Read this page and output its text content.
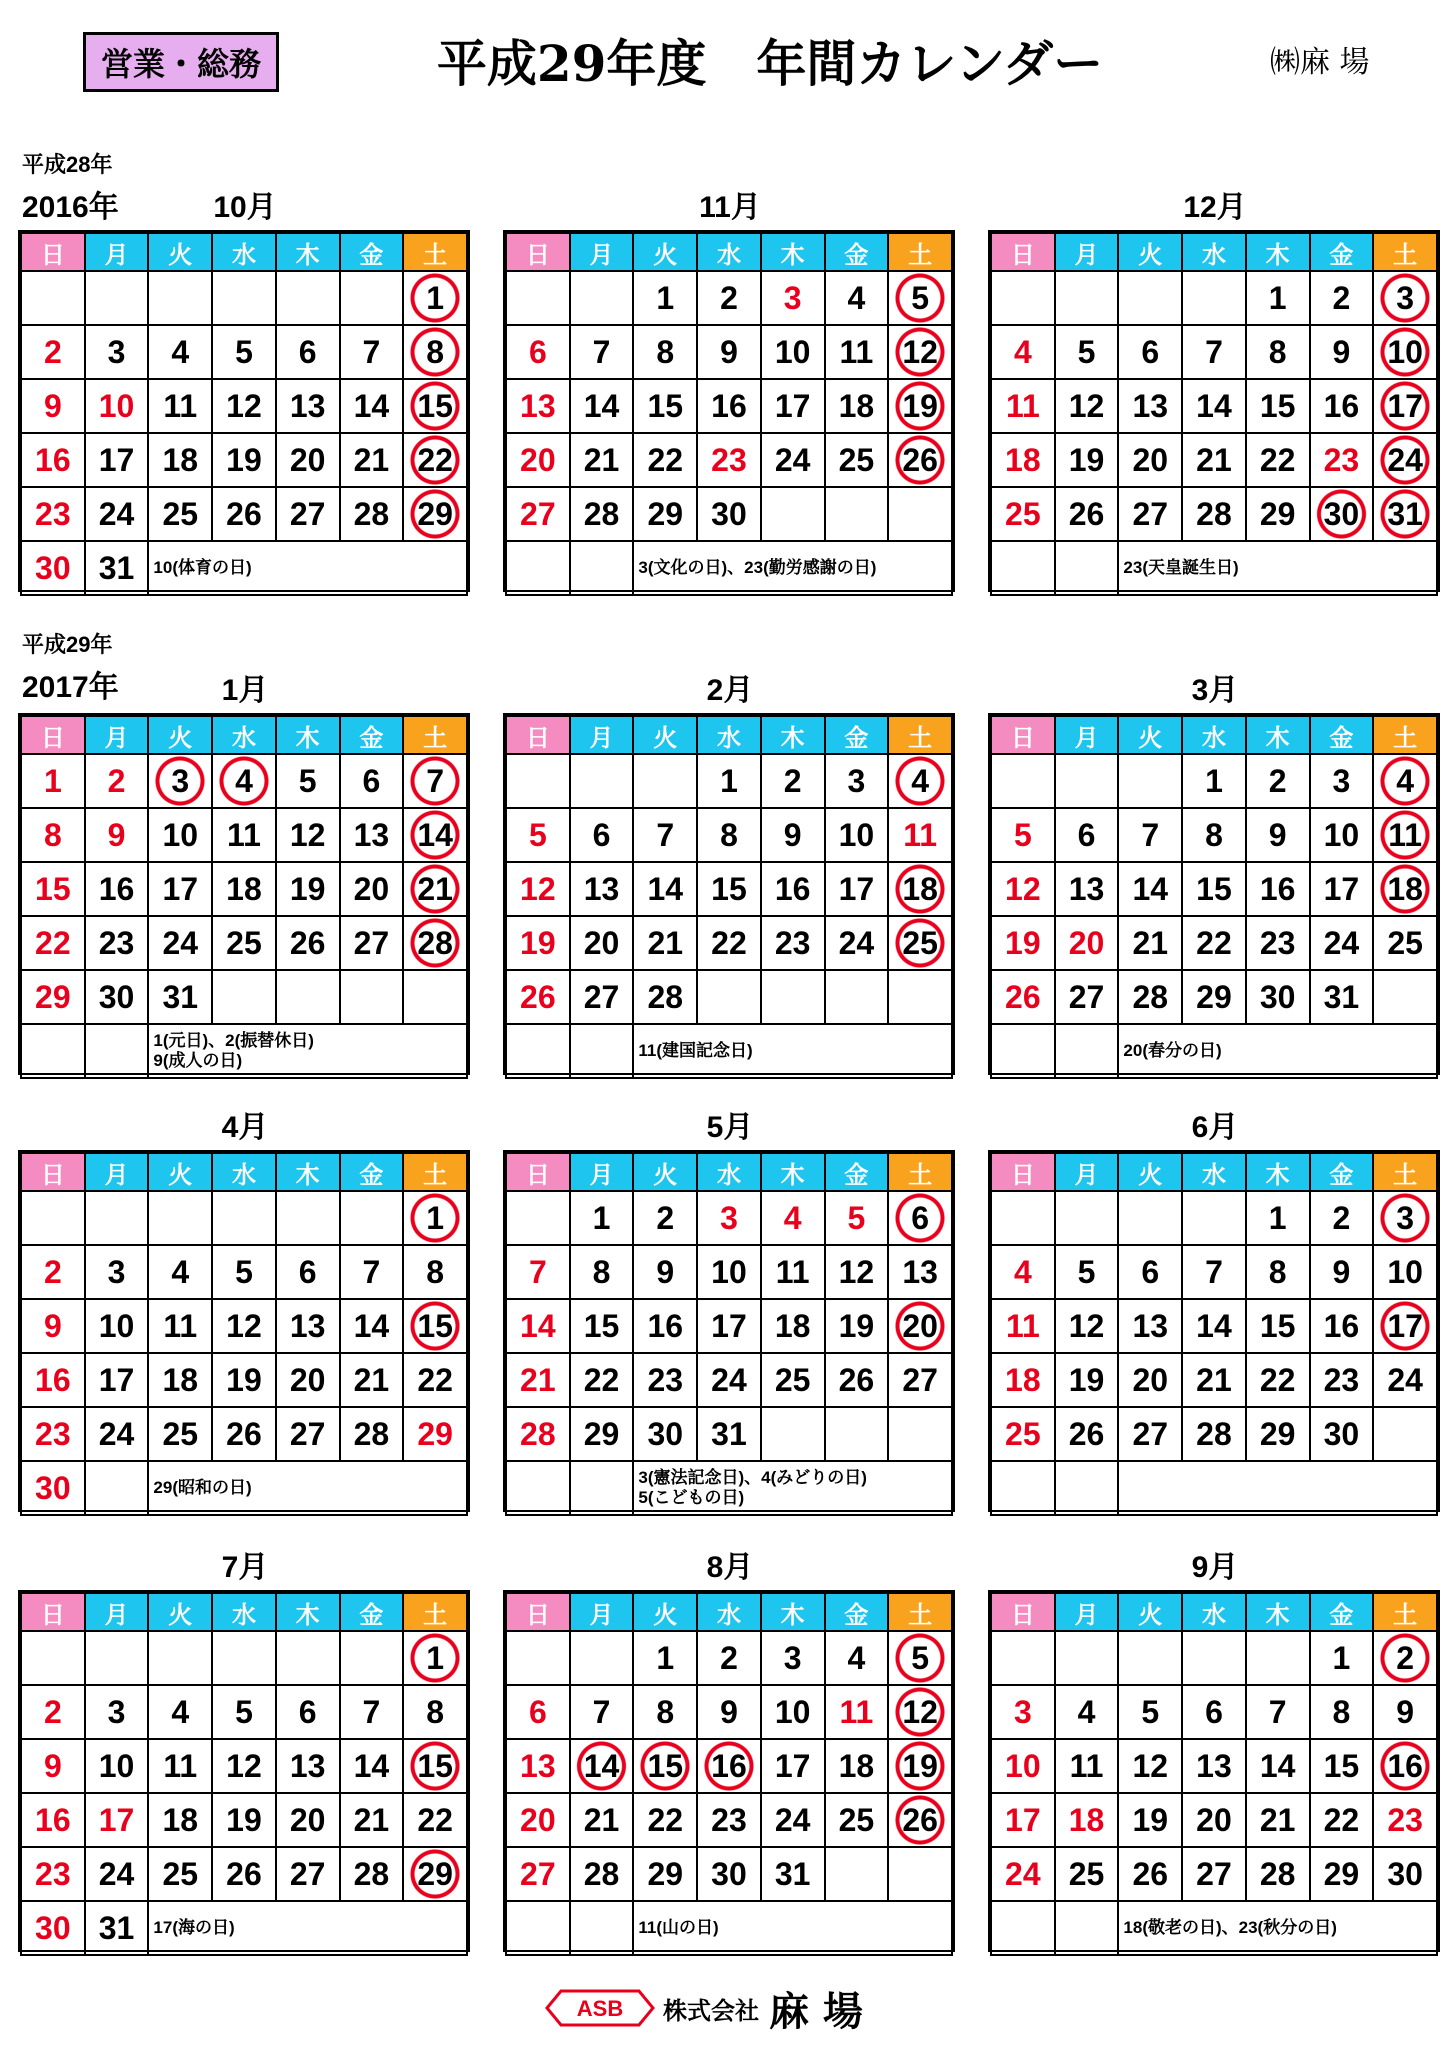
営業・総務	平成29年度　年間カレンダー	㈱麻 場
平成28年
2016年
平成29年
2017年
10月
日	月	火	水	木	金	土
						1
2	3	4	5	6	7	8
9	10	11	12	13	14	15
16	17	18	19	20	21	22
23	24	25	26	27	28	29
30	31	10(体育の日)				
11月
日	月	火	水	木	金	土
		1	2	3	4	5
6	7	8	9	10	11	12
13	14	15	16	17	18	19
20	21	22	23	24	25	26
27	28	29	30			
		3(文化の日)、23(勤労感謝の日)				
12月
日	月	火	水	木	金	土
				1	2	3
4	5	6	7	8	9	10
11	12	13	14	15	16	17
18	19	20	21	22	23	24
25	26	27	28	29	30	31
		23(天皇誕生日)				
1月
日	月	火	水	木	金	土
1	2	3	4	5	6	7
8	9	10	11	12	13	14
15	16	17	18	19	20	21
22	23	24	25	26	27	28
29	30	31				
		1(元日)、2(振替休日)
9(成人の日)				
2月
日	月	火	水	木	金	土
			1	2	3	4
5	6	7	8	9	10	11
12	13	14	15	16	17	18
19	20	21	22	23	24	25
26	27	28				
		11(建国記念日)				
3月
日	月	火	水	木	金	土
			1	2	3	4
5	6	7	8	9	10	11
12	13	14	15	16	17	18
19	20	21	22	23	24	25
26	27	28	29	30	31	
		20(春分の日)				
4月
日	月	火	水	木	金	土
						1
2	3	4	5	6	7	8
9	10	11	12	13	14	15
16	17	18	19	20	21	22
23	24	25	26	27	28	29
30		29(昭和の日)				
5月
日	月	火	水	木	金	土
	1	2	3	4	5	6
7	8	9	10	11	12	13
14	15	16	17	18	19	20
21	22	23	24	25	26	27
28	29	30	31			
		3(憲法記念日)、4(みどりの日)
5(こどもの日)				
6月
日	月	火	水	木	金	土
				1	2	3
4	5	6	7	8	9	10
11	12	13	14	15	16	17
18	19	20	21	22	23	24
25	26	27	28	29	30	

7月
日	月	火	水	木	金	土
						1
2	3	4	5	6	7	8
9	10	11	12	13	14	15
16	17	18	19	20	21	22
23	24	25	26	27	28	29
30	31	17(海の日)				
8月
日	月	火	水	木	金	土
		1	2	3	4	5
6	7	8	9	10	11	12
13	14	15	16	17	18	19
20	21	22	23	24	25	26
27	28	29	30	31		
		11(山の日)				
9月
日	月	火	水	木	金	土
					1	2
3	4	5	6	7	8	9
10	11	12	13	14	15	16
17	18	19	20	21	22	23
24	25	26	27	28	29	30
		18(敬老の日)、23(秋分の日)				
ASB 株式会社 麻 場
